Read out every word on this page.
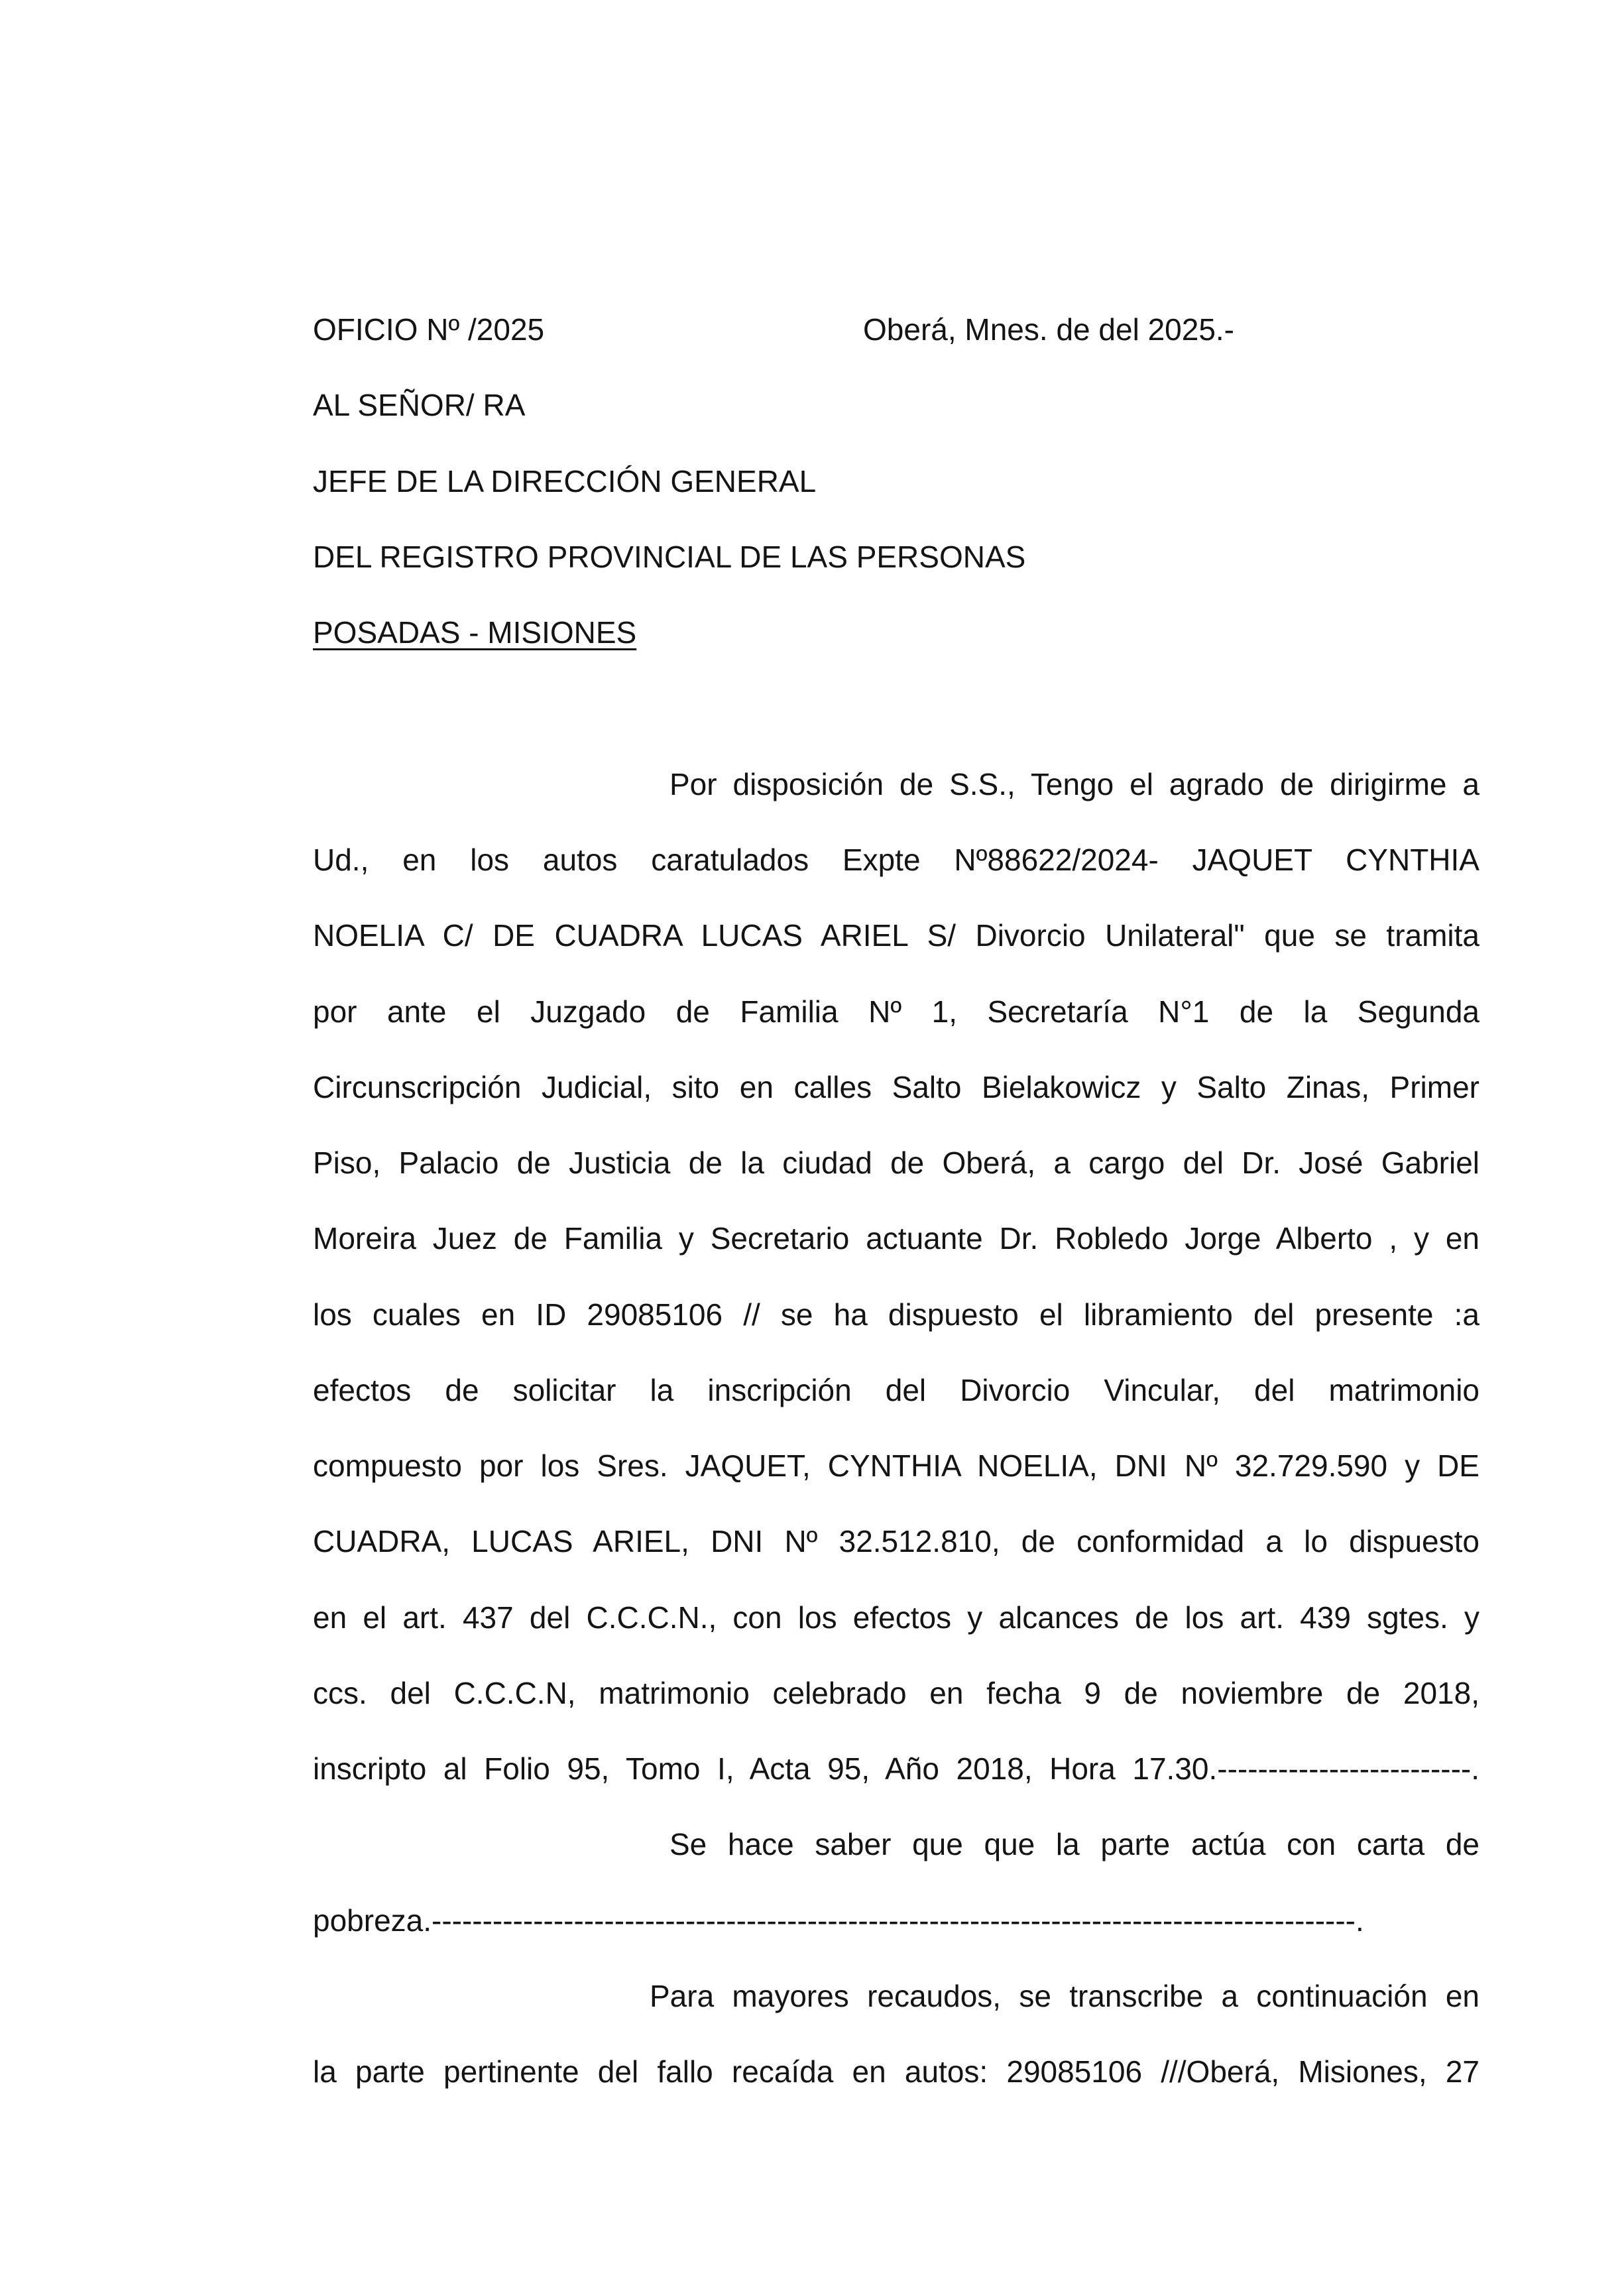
OFICIO Nº /2025	Oberá, Mnes. de del 2025.-
AL SEÑOR/ RA
JEFE DE LA DIRECCIÓN GENERAL
DEL REGISTRO PROVINCIAL DE LAS PERSONAS
POSADAS - MISIONES
Por disposición de S.S., Tengo el agrado de dirigirme a
Ud., en los autos caratulados Expte Nº88622/2024- JAQUET CYNTHIA
NOELIA C/ DE CUADRA LUCAS ARIEL S/ Divorcio Unilateral" que se tramita
por ante el Juzgado de Familia Nº 1, Secretaría N°1 de la Segunda
Circunscripción Judicial, sito en calles Salto Bielakowicz y Salto Zinas, Primer
Piso, Palacio de Justicia de la ciudad de Oberá, a cargo del Dr. José Gabriel
Moreira Juez de Familia y Secretario actuante Dr. Robledo Jorge Alberto , y en
los cuales en ID 29085106 // se ha dispuesto el libramiento del presente :a
efectos de solicitar la inscripción del Divorcio Vincular, del matrimonio
compuesto por los Sres. JAQUET, CYNTHIA NOELIA, DNI Nº 32.729.590 y DE
CUADRA, LUCAS ARIEL, DNI Nº 32.512.810, de conformidad a lo dispuesto
en el art. 437 del C.C.C.N., con los efectos y alcances de los art. 439 sgtes. y
ccs. del C.C.C.N, matrimonio celebrado en fecha 9 de noviembre de 2018,
inscripto al Folio 95, Tomo I, Acta 95, Año 2018, Hora 17.30.-------------------------.
Se hace saber que que la parte actúa con carta de
pobreza.-------------------------------------------------------------------------------------------.
Para mayores recaudos, se transcribe a continuación en
la parte pertinente del fallo recaída en autos: 29085106 ///Oberá, Misiones, 27
